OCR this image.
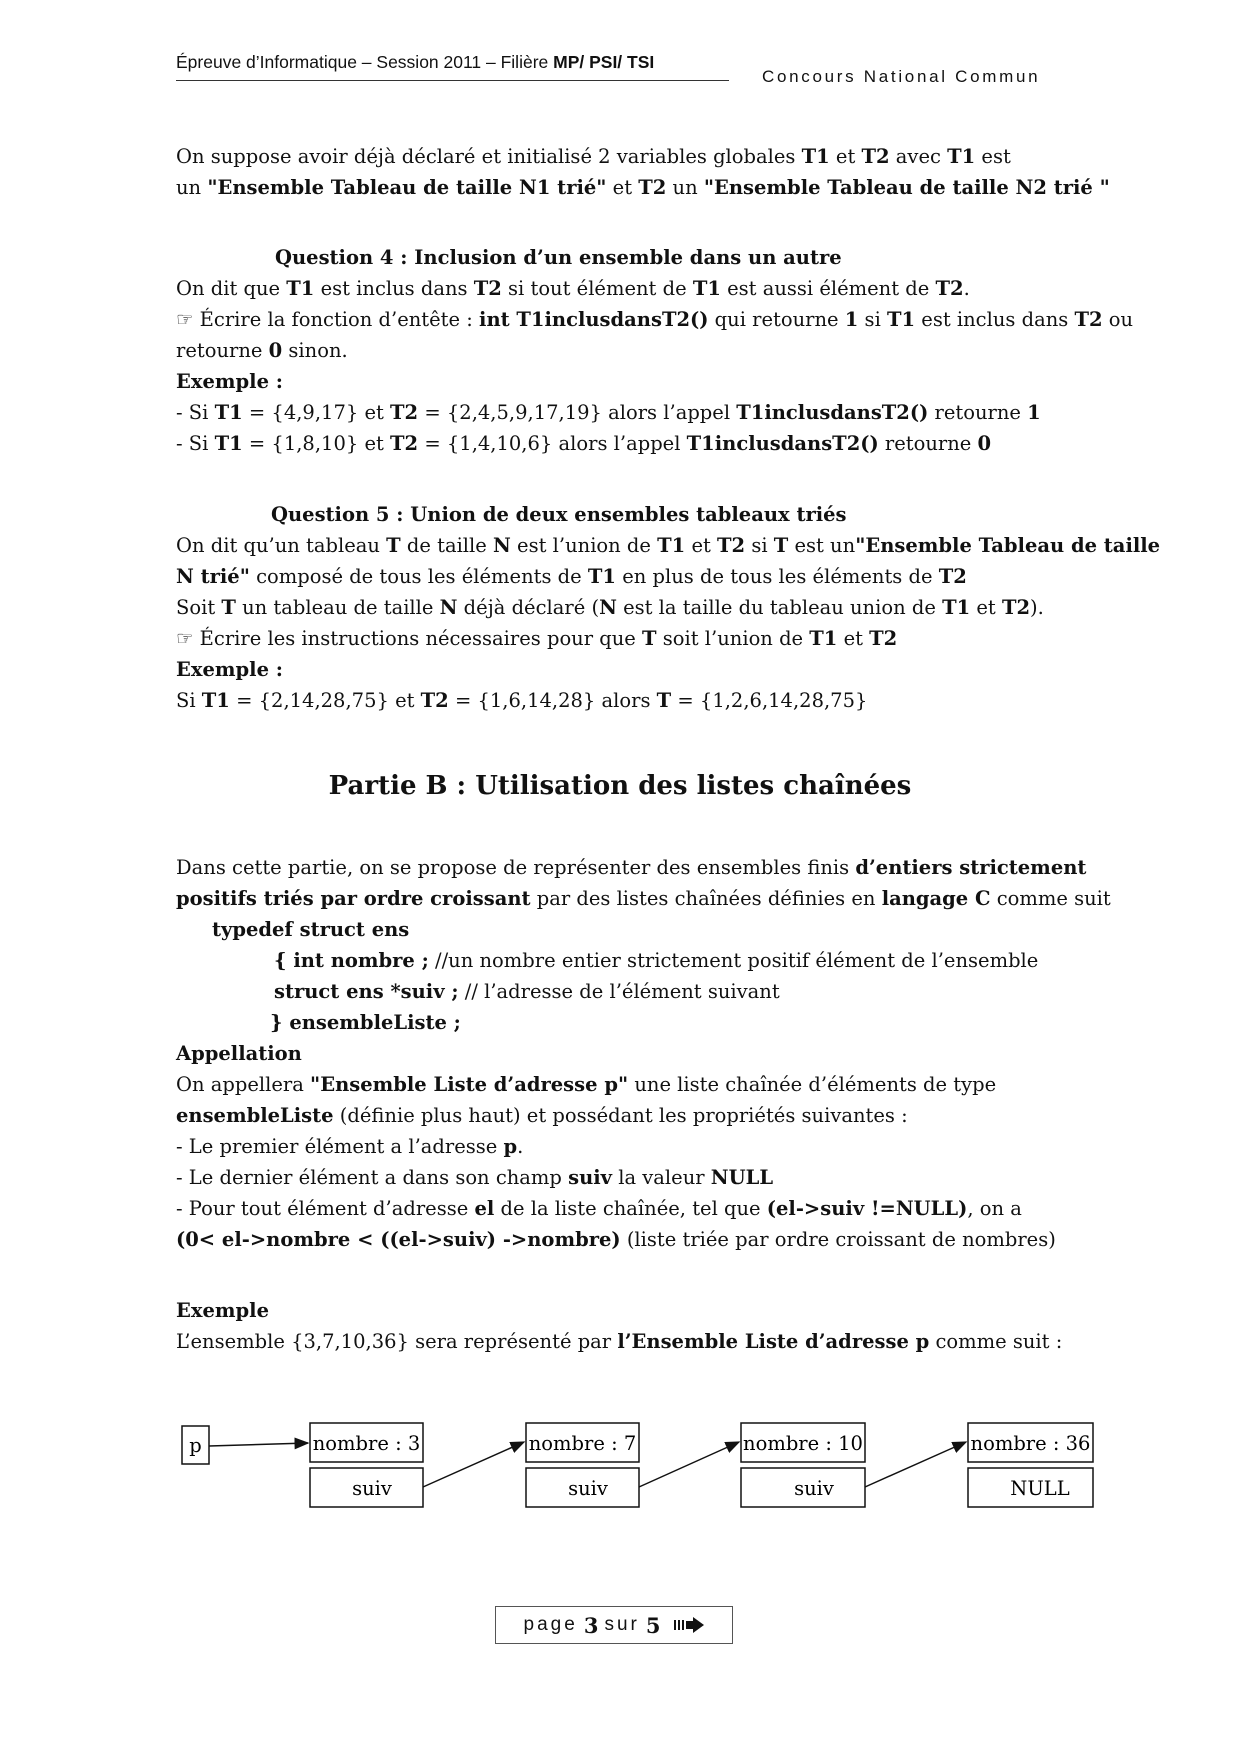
Épreuve d’Informatique – Session 2011 – Filière MP/ PSI/ TSI
Concours National Commun
On suppose avoir déjà déclaré et initialisé 2 variables globales T1 et T2 avec T1 est
un "Ensemble Tableau de taille N1 trié" et T2 un "Ensemble Tableau de taille N2 trié "
Question 4 : Inclusion d’un ensemble dans un autre
On dit que T1 est inclus dans T2 si tout élément de T1 est aussi élément de T2.
☞ Écrire la fonction d’entête : int T1inclusdansT2() qui retourne 1 si T1 est inclus dans T2 ou
retourne 0 sinon.
Exemple :
- Si T1 = {4,9,17} et T2 = {2,4,5,9,17,19} alors l’appel T1inclusdansT2() retourne 1
- Si T1 = {1,8,10} et T2 = {1,4,10,6} alors l’appel T1inclusdansT2() retourne 0
Question 5 : Union de deux ensembles tableaux triés
On dit qu’un tableau T de taille N est l’union de T1 et T2 si T est un"Ensemble Tableau de taille
N trié" composé de tous les éléments de T1 en plus de tous les éléments de T2
Soit T un tableau de taille N déjà déclaré (N est la taille du tableau union de T1 et T2).
☞ Écrire les instructions nécessaires pour que T soit l’union de T1 et T2
Exemple :
Si T1 = {2,14,28,75} et T2 = {1,6,14,28} alors T = {1,2,6,14,28,75}
Partie B : Utilisation des listes chaînées
Dans cette partie, on se propose de représenter des ensembles finis d’entiers strictement
positifs triés par ordre croissant par des listes chaînées définies en langage C comme suit
typedef struct ens
{ int nombre ; //un nombre entier strictement positif élément de l’ensemble
struct ens *suiv ; // l’adresse de l’élément suivant
} ensembleListe ;
Appellation
On appellera "Ensemble Liste d’adresse p" une liste chaînée d’éléments de type
ensembleListe (définie plus haut) et possédant les propriétés suivantes :
- Le premier élément a l’adresse p.
- Le dernier élément a dans son champ suiv la valeur NULL
- Pour tout élément d’adresse el de la liste chaînée, tel que (el->suiv !=NULL), on a
(0< el->nombre < ((el->suiv) ->nombre) (liste triée par ordre croissant de nombres)
Exemple
L’ensemble {3,7,10,36} sera représenté par l’Ensemble Liste d’adresse p comme suit :
p	nombre : 3
suiv
nombre : 7
suiv
nombre : 10
suiv
nombre : 36
NULL
page 3 sur 5
